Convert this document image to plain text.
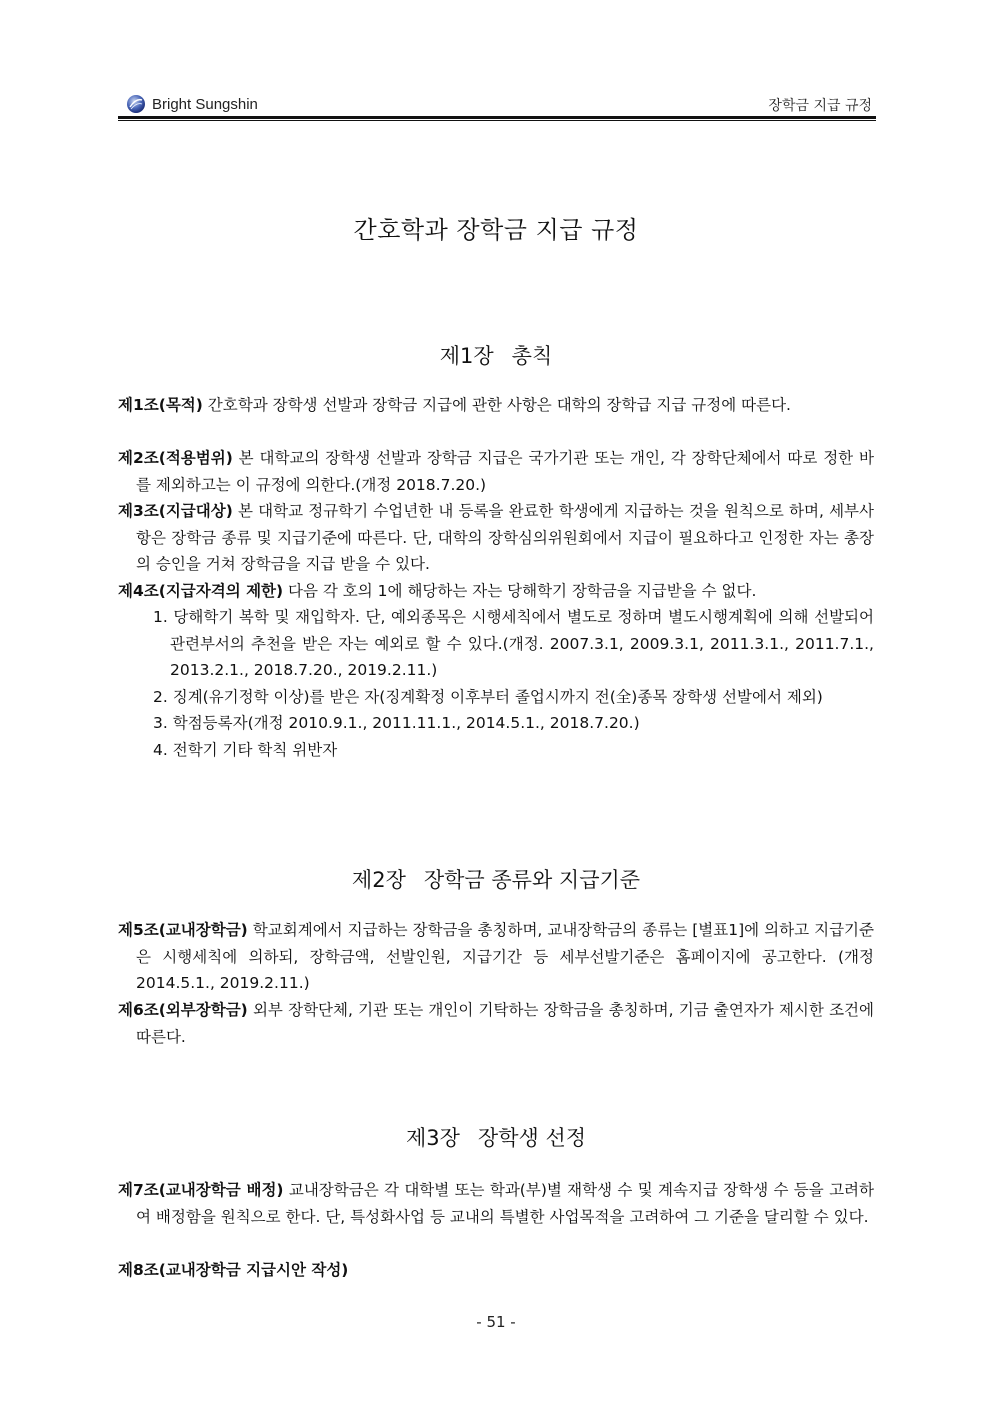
Bright Sungshin	장학금 지급 규정
간호학과 장학금 지급 규정
제1장 총칙

제1조(목적) 간호학과 장학생 선발과 장학금 지급에 관한 사항은 대학의 장학급 지급 규정에 따른다.

제2조(적용범위) 본 대학교의 장학생 선발과 장학금 지급은 국가기관 또는 개인, 각 장학단체에서 따로 정한 바를 제외하고는 이 규정에 의한다.(개정 2018.7.20.)

제3조(지급대상) 본 대학교 정규학기 수업년한 내 등록을 완료한 학생에게 지급하는 것을 원칙으로 하며, 세부사항은 장학금 종류 및 지급기준에 따른다. 단, 대학의 장학심의위원회에서 지급이 필요하다고 인정한 자는 총장의 승인을 거쳐 장학금을 지급 받을 수 있다.

제4조(지급자격의 제한) 다음 각 호의 1에 해당하는 자는 당해학기 장학금을 지급받을 수 없다.

1. 당해학기 복학 및 재입학자. 단, 예외종목은 시행세칙에서 별도로 정하며 별도시행계획에 의해 선발되어 관련부서의 추천을 받은 자는 예외로 할 수 있다.(개정. 2007.3.1, 2009.3.1, 2011.3.1., 2011.7.1., 2013.2.1., 2018.7.20., 2019.2.11.)
2. 징계(유기정학 이상)를 받은 자(징계확정 이후부터 졸업시까지 전(全)종목 장학생 선발에서 제외)
3. 학점등록자(개정 2010.9.1., 2011.11.1., 2014.5.1., 2018.7.20.)
4. 전학기 기타 학칙 위반자
제2장 장학금 종류와 지급기준

제5조(교내장학금) 학교회계에서 지급하는 장학금을 총칭하며, 교내장학금의 종류는 [별표1]에 의하고 지급기준은 시행세칙에 의하되, 장학금액, 선발인원, 지급기간 등 세부선발기준은 홈페이지에 공고한다. (개정 2014.5.1., 2019.2.11.)

제6조(외부장학금) 외부 장학단체, 기관 또는 개인이 기탁하는 장학금을 총칭하며, 기금 출연자가 제시한 조건에 따른다.

제3장 장학생 선정

제7조(교내장학금 배정) 교내장학금은 각 대학별 또는 학과(부)별 재학생 수 및 계속지급 장학생 수 등을 고려하여 배정함을 원칙으로 한다. 단, 특성화사업 등 교내의 특별한 사업목적을 고려하여 그 기준을 달리할 수 있다.

제8조(교내장학금 지급시안 작성)

- 51 -
